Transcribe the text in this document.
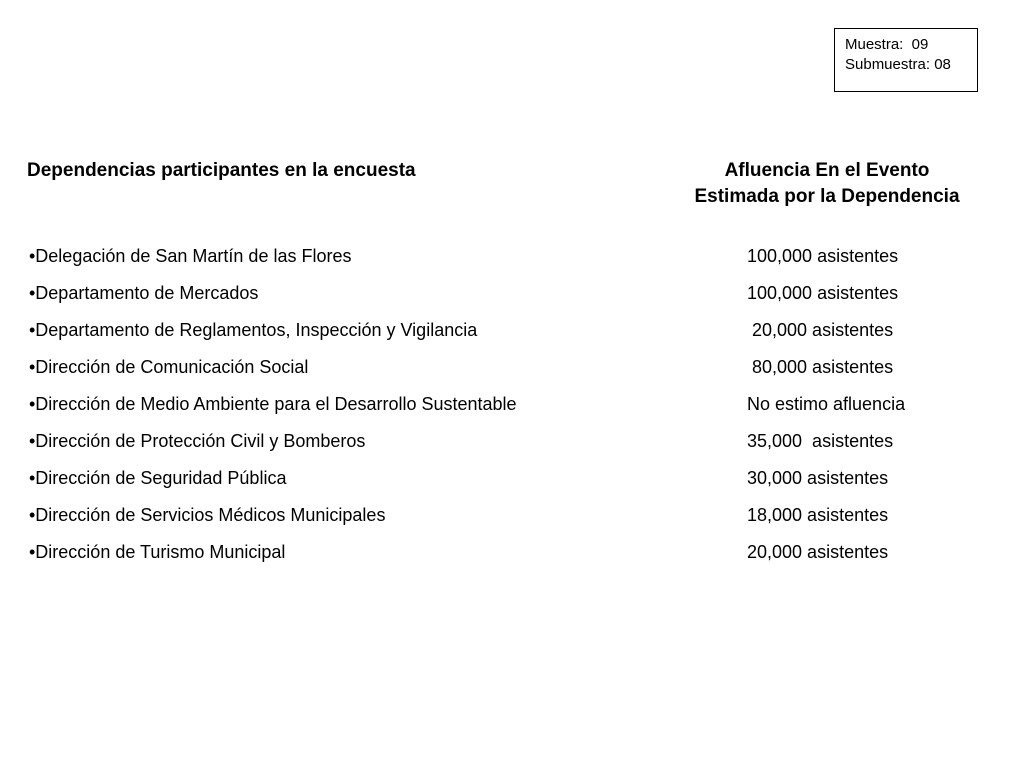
Muestra:  09
Submuestra: 08
Dependencias participantes en la encuesta	Afluencia En el Evento
Estimada por la Dependencia
•Delegación de San Martín de las Flores	100,000 asistentes
•Departamento de Mercados	100,000 asistentes
•Departamento de Reglamentos, Inspección y Vigilancia	20,000 asistentes
•Dirección de Comunicación Social	80,000 asistentes
•Dirección de Medio Ambiente para el Desarrollo Sustentable	No estimo afluencia
•Dirección de Protección Civil y Bomberos	35,000  asistentes
•Dirección de Seguridad Pública	30,000 asistentes
•Dirección de Servicios Médicos Municipales	18,000 asistentes
•Dirección de Turismo Municipal	20,000 asistentes
